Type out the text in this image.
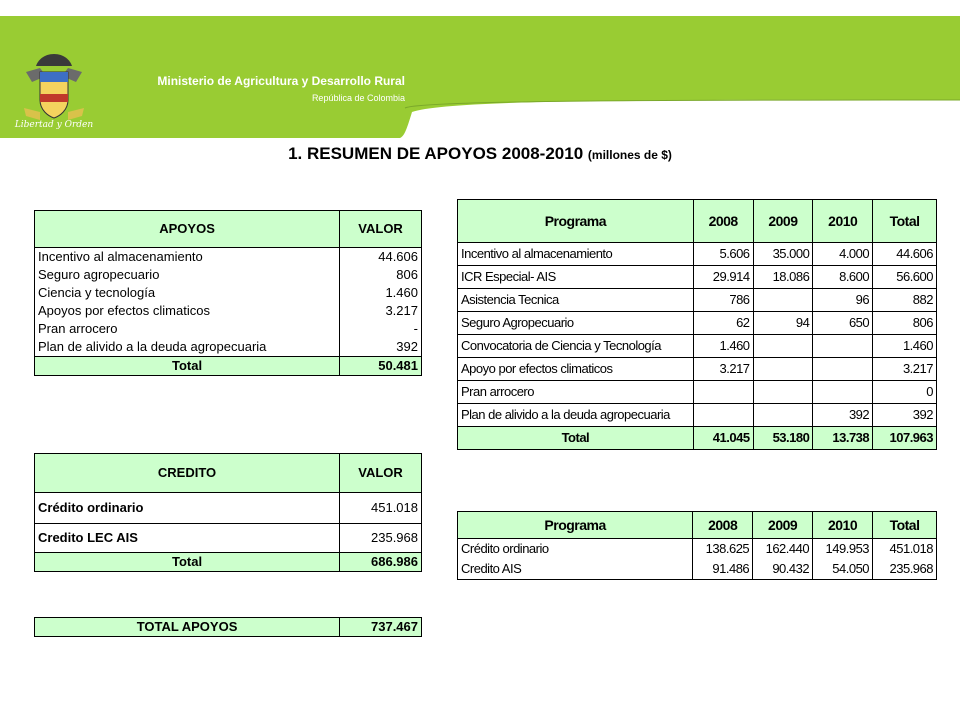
Libertad y Orden
Ministerio de Agricultura y Desarrollo Rural
República de Colombia
1. RESUMEN DE APOYOS 2008-2010 (millones de $)
APOYOS	VALOR
Incentivo al almacenamiento	44.606
Seguro agropecuario	806
Ciencia y tecnología	1.460
Apoyos por efectos climaticos	3.217
Pran arrocero	-
Plan de alivido a la deuda agropecuaria	392
Total	50.481
CREDITO	VALOR
Crédito ordinario	451.018
Credito LEC AIS	235.968
Total	686.986
TOTAL APOYOS	737.467
Programa	2008	2009	2010	Total
Incentivo al almacenamiento	5.606	35.000	4.000	44.606
ICR Especial- AIS	29.914	18.086	8.600	56.600
Asistencia Tecnica	786		96	882
Seguro Agropecuario	62	94	650	806
Convocatoria de Ciencia y Tecnología	1.460			1.460
Apoyo por efectos climaticos	3.217			3.217
Pran arrocero				0
Plan de alivido a la deuda agropecuaria			392	392
Total	41.045	53.180	13.738	107.963
Programa	2008	2009	2010	Total
Crédito ordinario	138.625	162.440	149.953	451.018
Credito AIS	91.486	90.432	54.050	235.968
